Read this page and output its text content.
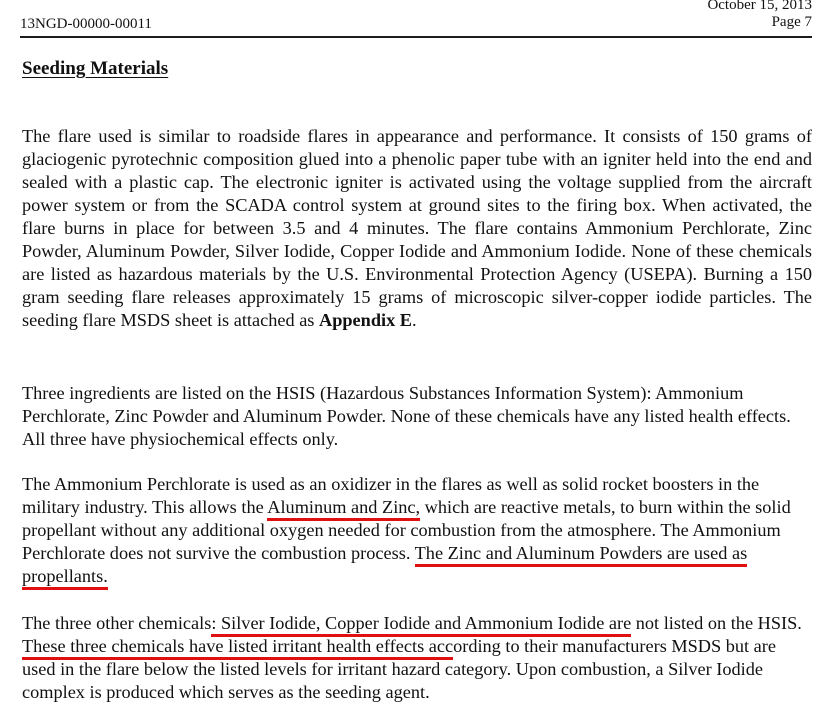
13NGD-00000-00011
October 15, 2013
Page 7
Seeding Materials

The flare used is similar to roadside flares in appearance and performance. It consists of 150 grams of glaciogenic pyrotechnic composition glued into a phenolic paper tube with an igniter held into the end and sealed with a plastic cap. The electronic igniter is activated using the voltage supplied from the aircraft power system or from the SCADA control system at ground sites to the firing box. When activated, the flare burns in place for between 3.5 and 4 minutes. The flare contains Ammonium Perchlorate, Zinc Powder, Aluminum Powder, Silver Iodide, Copper Iodide and Ammonium Iodide. None of these chemicals are listed as hazardous materials by the U.S. Environmental Protection Agency (USEPA). Burning a 150 gram seeding flare releases approximately 15 grams of microscopic silver-copper iodide particles. The seeding flare MSDS sheet is attached as Appendix E.

Three ingredients are listed on the HSIS (Hazardous Substances Information System): Ammonium Perchlorate, Zinc Powder and Aluminum Powder. None of these chemicals have any listed health effects. All three have physiochemical effects only.

The Ammonium Perchlorate is used as an oxidizer in the flares as well as solid rocket boosters in the military industry. This allows the Aluminum and Zinc, which are reactive metals, to burn within the solid propellant without any additional oxygen needed for combustion from the atmosphere. The Ammonium Perchlorate does not survive the combustion process. The Zinc and Aluminum Powders are used as propellants.

The three other chemicals: Silver Iodide, Copper Iodide and Ammonium Iodide are not listed on the HSIS. These three chemicals have listed irritant health effects according to their manufacturers MSDS but are used in the flare below the listed levels for irritant hazard category. Upon combustion, a Silver Iodide complex is produced which serves as the seeding agent.
